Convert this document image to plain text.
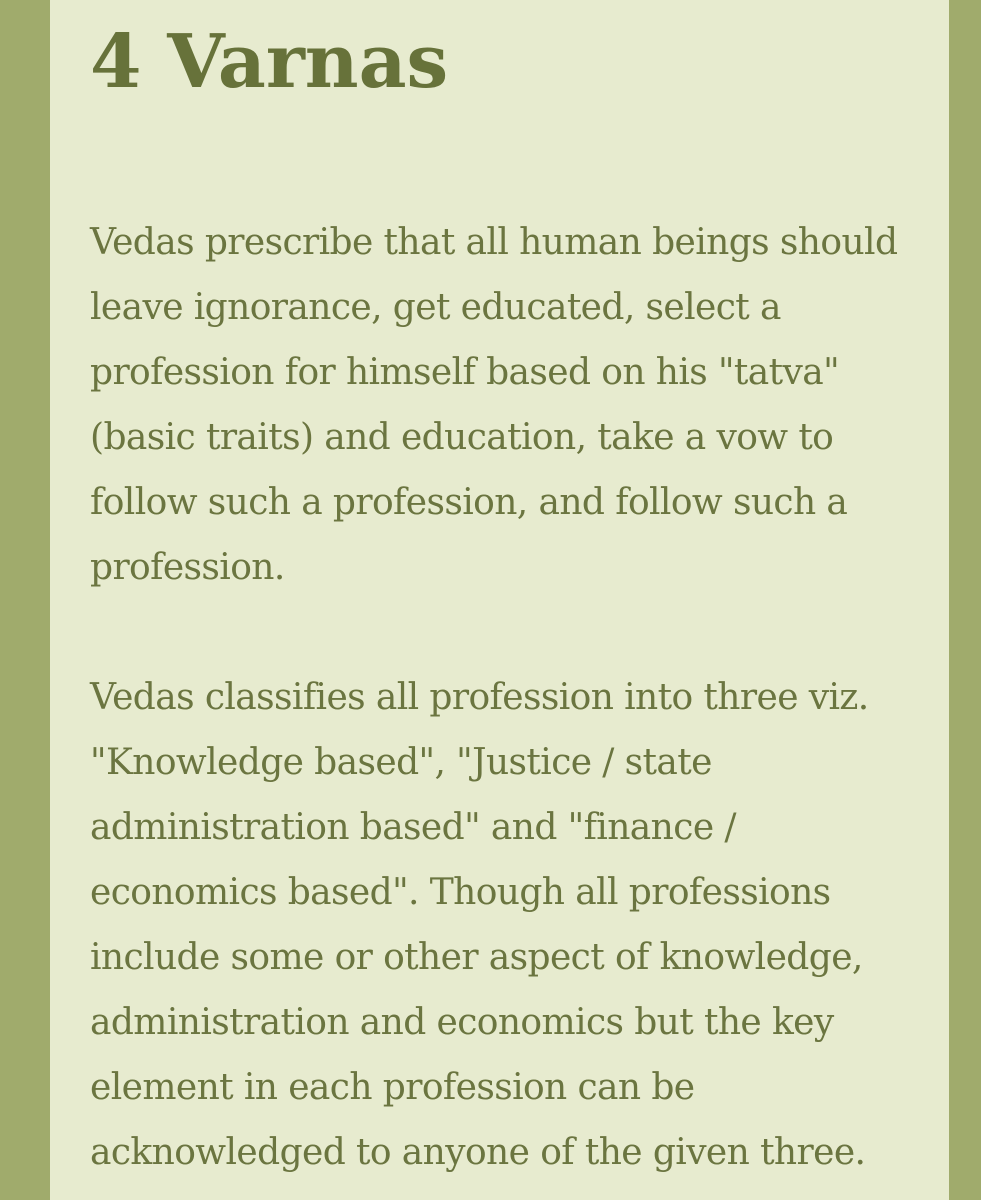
4 Varnas

Vedas prescribe that all human beings should
leave ignorance, get educated, select a
profession for himself based on his "tatva"
(basic traits) and education, take a vow to
follow such a profession, and follow such a
profession.

Vedas classifies all profession into three viz.
"Knowledge based", "Justice / state
administration based" and "finance /
economics based". Though all professions
include some or other aspect of knowledge,
administration and economics but the key
element in each profession can be
acknowledged to anyone of the given three.
